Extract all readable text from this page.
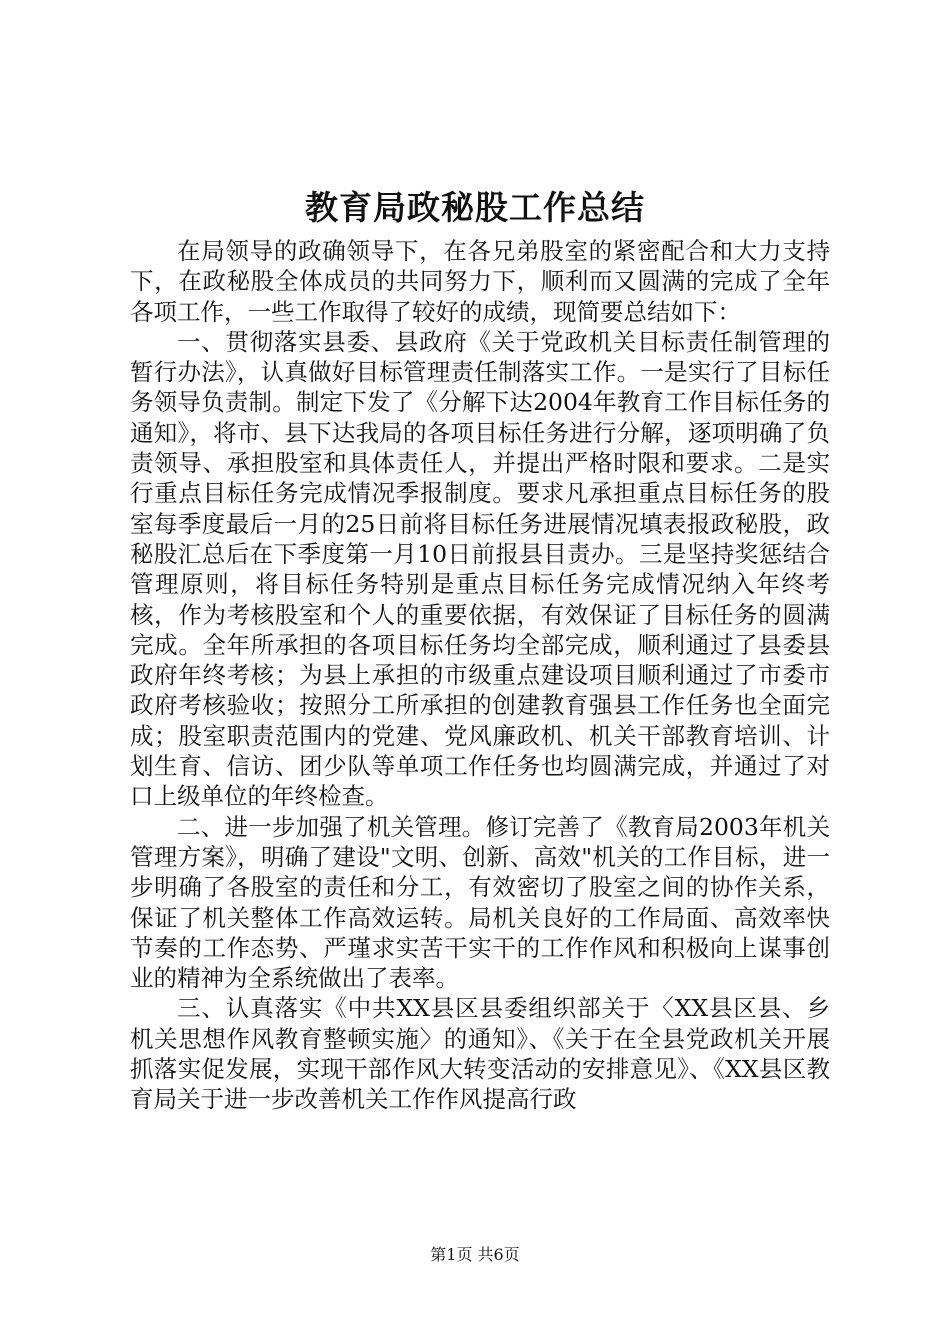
教育局政秘股工作总结

在局领导的政确领导下，在各兄弟股室的紧密配合和大力支持下，在政秘股全体成员的共同努力下，顺利而又圆满的完成了全年各项工作，一些工作取得了较好的成绩，现简要总结如下：

一、贯彻落实县委、县政府《关于党政机关目标责任制管理的暂行办法》，认真做好目标管理责任制落实工作。一是实行了目标任务领导负责制。制定下发了《分解下达2004年教育工作目标任务的通知》，将市、县下达我局的各项目标任务进行分解，逐项明确了负责领导、承担股室和具体责任人，并提出严格时限和要求。二是实行重点目标任务完成情况季报制度。要求凡承担重点目标任务的股室每季度最后一月的25日前将目标任务进展情况填表报政秘股，政秘股汇总后在下季度第一月10日前报县目责办。三是坚持奖惩结合管理原则，将目标任务特别是重点目标任务完成情况纳入年终考核，作为考核股室和个人的重要依据，有效保证了目标任务的圆满完成。全年所承担的各项目标任务均全部完成，顺利通过了县委县政府年终考核；为县上承担的市级重点建设项目顺利通过了市委市政府考核验收；按照分工所承担的创建教育强县工作任务也全面完成；股室职责范围内的党建、党风廉政机、机关干部教育培训、计划生育、信访、团少队等单项工作任务也均圆满完成，并通过了对口上级单位的年终检查。

二、进一步加强了机关管理。修订完善了《教育局2003年机关管理方案》，明确了建设"文明、创新、高效"机关的工作目标，进一步明确了各股室的责任和分工，有效密切了股室之间的协作关系，保证了机关整体工作高效运转。局机关良好的工作局面、高效率快节奏的工作态势、严瑾求实苦干实干的工作作风和积极向上谋事创业的精神为全系统做出了表率。

三、认真落实《中共XX县区县委组织部关于〈XX县区县、乡机关思想作风教育整顿实施〉的通知》、《关于在全县党政机关开展抓落实促发展，实现干部作风大转变活动的安排意见》、《XX县区教育局关于进一步改善机关工作作风提高行政

第1页 共6页
